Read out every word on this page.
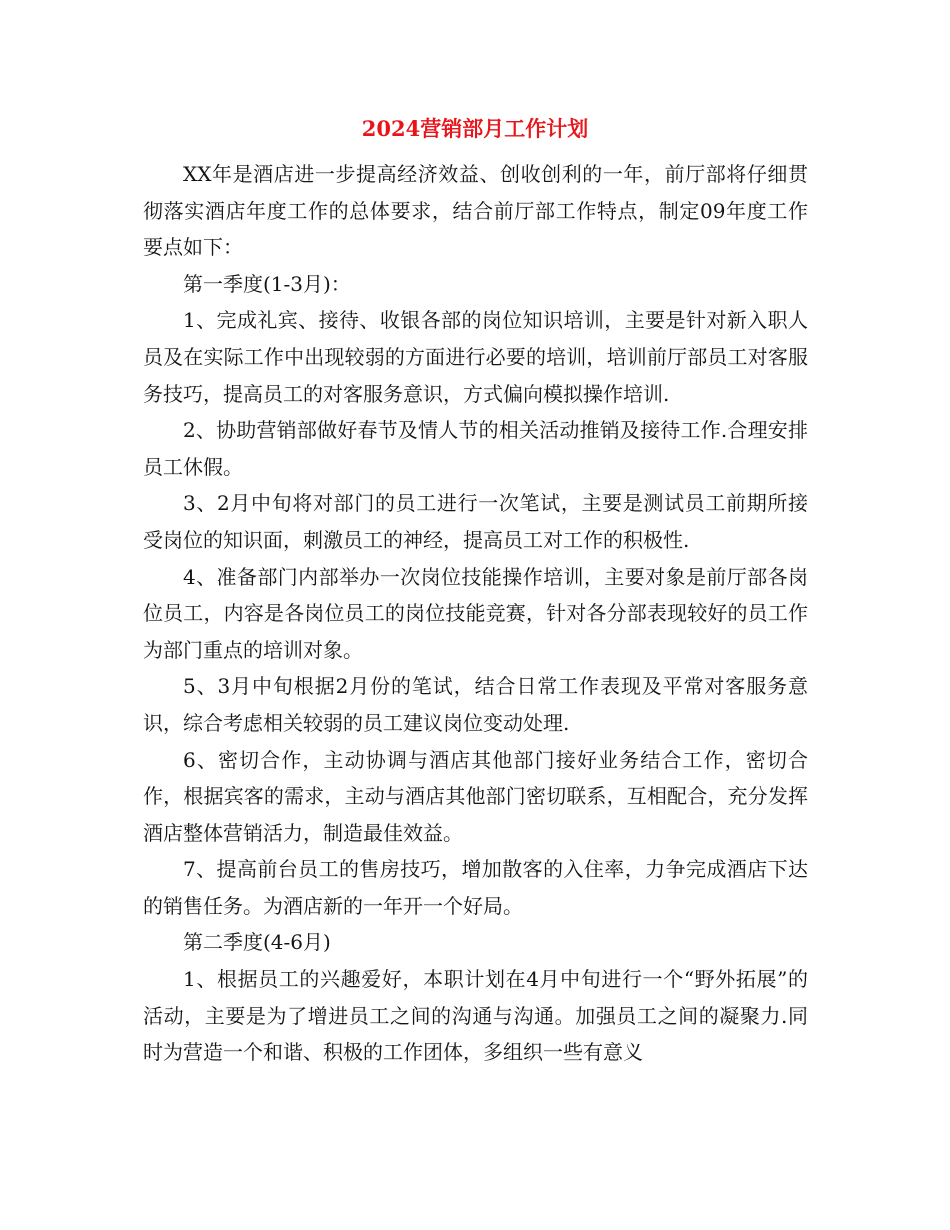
2024营销部月工作计划

XX年是酒店进一步提高经济效益、创收创利的一年，前厅部将仔细贯彻落实酒店年度工作的总体要求，结合前厅部工作特点，制定09年度工作要点如下：

第一季度(1-3月)：

1、完成礼宾、接待、收银各部的岗位知识培训，主要是针对新入职人员及在实际工作中出现较弱的方面进行必要的培训，培训前厅部员工对客服务技巧，提高员工的对客服务意识，方式偏向模拟操作培训.

2、协助营销部做好春节及情人节的相关活动推销及接待工作.合理安排员工休假。

3、2月中旬将对部门的员工进行一次笔试，主要是测试员工前期所接受岗位的知识面，刺激员工的神经，提高员工对工作的积极性.

4、准备部门内部举办一次岗位技能操作培训，主要对象是前厅部各岗位员工，内容是各岗位员工的岗位技能竞赛，针对各分部表现较好的员工作为部门重点的培训对象。

5、3月中旬根据2月份的笔试，结合日常工作表现及平常对客服务意识，综合考虑相关较弱的员工建议岗位变动处理.

6、密切合作，主动协调与酒店其他部门接好业务结合工作，密切合作，根据宾客的需求，主动与酒店其他部门密切联系，互相配合，充分发挥酒店整体营销活力，制造最佳效益。

7、提高前台员工的售房技巧，增加散客的入住率，力争完成酒店下达的销售任务。为酒店新的一年开一个好局。

第二季度(4-6月)

1、根据员工的兴趣爱好，本职计划在4月中旬进行一个“野外拓展”的活动，主要是为了增进员工之间的沟通与沟通。加强员工之间的凝聚力.同时为营造一个和谐、积极的工作团体，多组织一些有意义
